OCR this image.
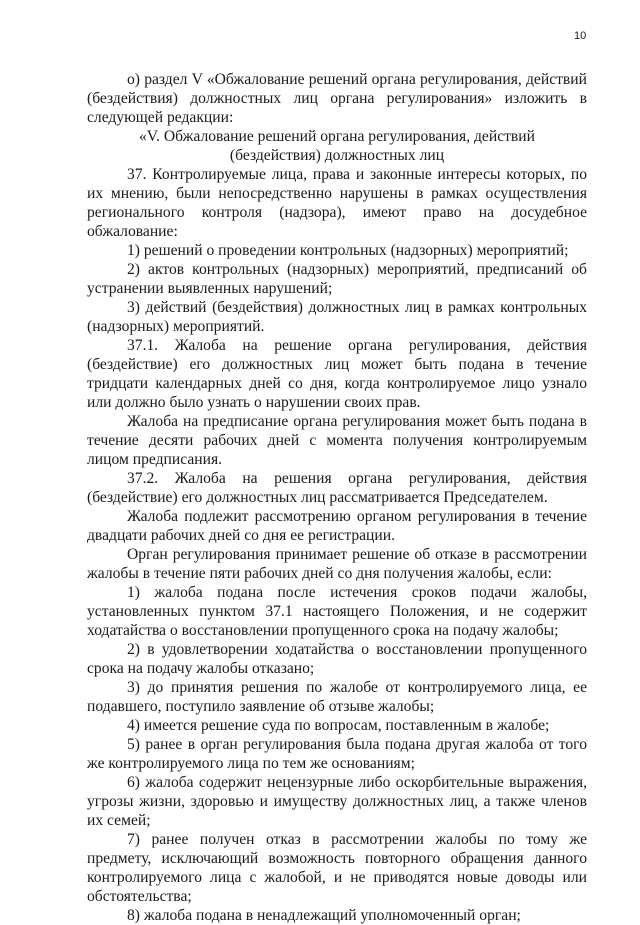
10

о) раздел V «Обжалование решений органа регулирования, действий (бездействия) должностных лиц органа регулирования» изложить в следующей редакции:

«V. Обжалование решений органа регулирования, действий

(бездействия) должностных лиц

37. Контролируемые лица, права и законные интересы которых, по их мнению, были непосредственно нарушены в рамках осуществления регионального контроля (надзора), имеют право на досудебное обжалование:

1) решений о проведении контрольных (надзорных) мероприятий;

2) актов контрольных (надзорных) мероприятий, предписаний об устранении выявленных нарушений;

3) действий (бездействия) должностных лиц в рамках контрольных (надзорных) мероприятий.

37.1. Жалоба на решение органа регулирования, действия (бездействие) его должностных лиц может быть подана в течение тридцати календарных дней со дня, когда контролируемое лицо узнало или должно было узнать о нарушении своих прав.

Жалоба на предписание органа регулирования может быть подана в течение десяти рабочих дней с момента получения контролируемым лицом предписания.

37.2. Жалоба на решения органа регулирования, действия (бездействие) его должностных лиц рассматривается Председателем.

Жалоба подлежит рассмотрению органом регулирования в течение двадцати рабочих дней со дня ее регистрации.

Орган регулирования принимает решение об отказе в рассмотрении жалобы в течение пяти рабочих дней со дня получения жалобы, если:

1) жалоба подана после истечения сроков подачи жалобы, установленных пунктом 37.1 настоящего Положения, и не содержит ходатайства о восстановлении пропущенного срока на подачу жалобы;

2) в удовлетворении ходатайства о восстановлении пропущенного срока на подачу жалобы отказано;

3) до принятия решения по жалобе от контролируемого лица, ее подавшего, поступило заявление об отзыве жалобы;

4) имеется решение суда по вопросам, поставленным в жалобе;

5) ранее в орган регулирования была подана другая жалоба от того же контролируемого лица по тем же основаниям;

6) жалоба содержит нецензурные либо оскорбительные выражения, угрозы жизни, здоровью и имуществу должностных лиц, а также членов их семей;

7) ранее получен отказ в рассмотрении жалобы по тому же предмету, исключающий возможность повторного обращения данного контролируемого лица с жалобой, и не приводятся новые доводы или обстоятельства;

8) жалоба подана в ненадлежащий уполномоченный орган;
